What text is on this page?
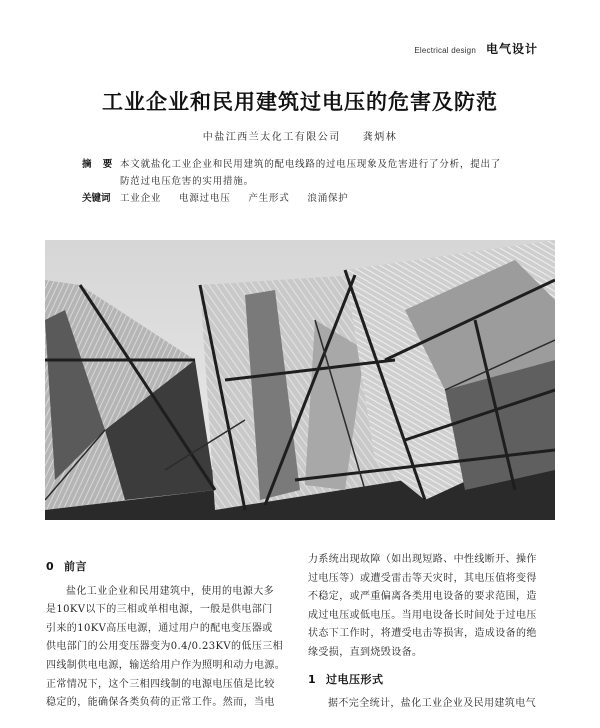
Electrical design 电气设计
工业企业和民用建筑过电压的危害及防范
中盐江西兰太化工有限公司 龚炳林
摘 要 本文就盐化工业企业和民用建筑的配电线路的过电压现象及危害进行了分析，提出了
防范过电压危害的实用措施。
关键词 工业企业 电源过电压 产生形式 浪涌保护
0 前言
盐化工业企业和民用建筑中，使用的电源大多
是10KV以下的三相或单相电源，一般是供电部门
引来的10KV高压电源，通过用户的配电变压器或
供电部门的公用变压器变为0.4/0.23KV的低压三相
四线制供电电源，输送给用户作为照明和动力电源。
正常情况下，这个三相四线制的电源电压值是比较
稳定的，能确保各类负荷的正常工作。然而，当电
力系统出现故障（如出现短路、中性线断开、操作
过电压等）或遭受雷击等天灾时，其电压值将变得
不稳定，或严重偏离各类用电设备的要求范围，造
成过电压或低电压。当用电设备长时间处于过电压
状态下工作时，将遭受电击等损害，造成设备的绝
缘受损，直到烧毁设备。
1 过电压形式
据不完全统计，盐化工业企业及民用建筑电气
